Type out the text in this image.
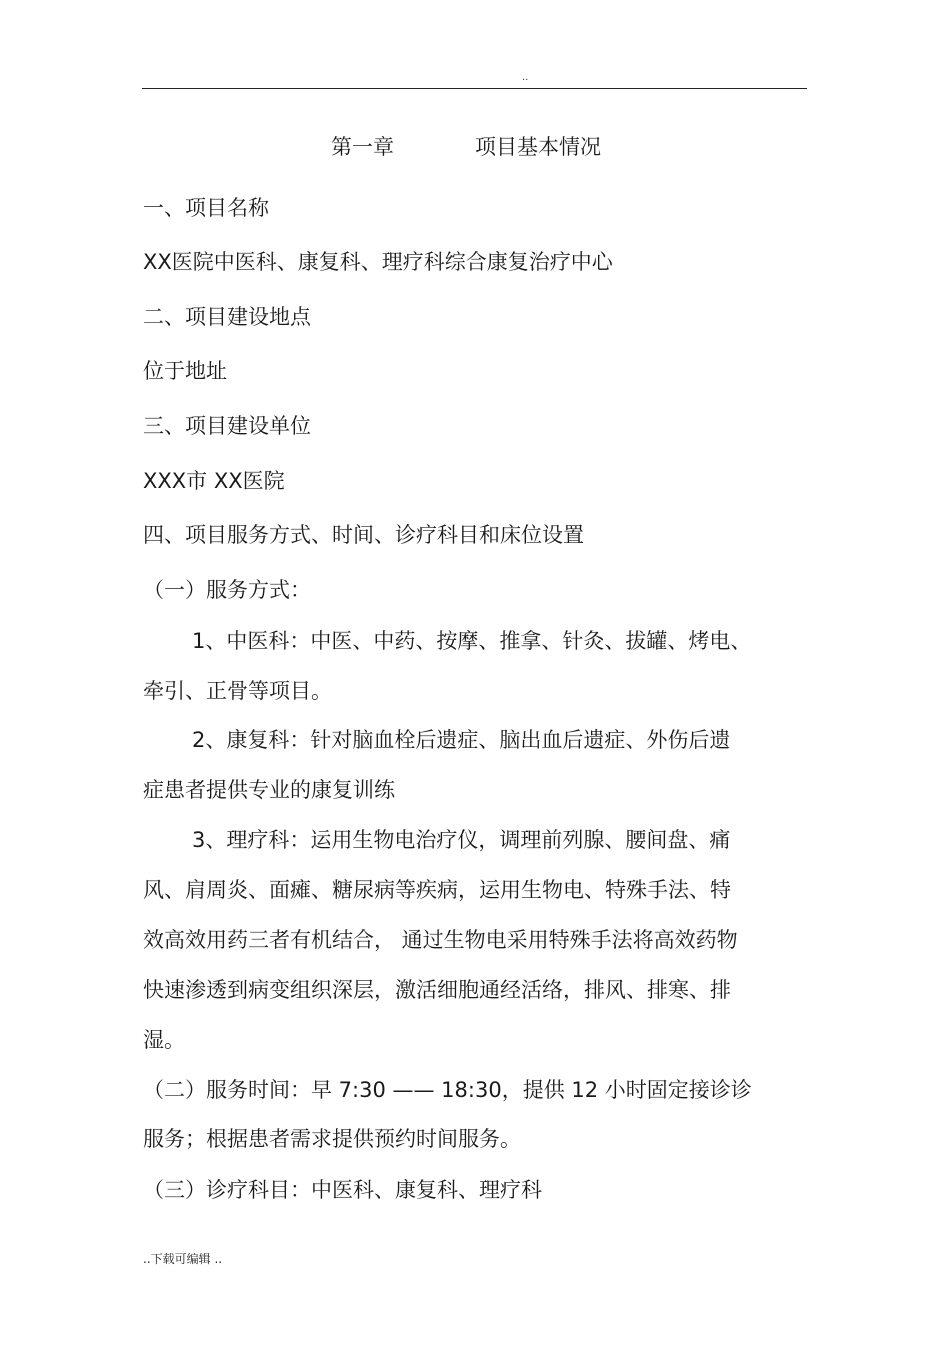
..
第一章	项目基本情况
一、项目名称
XX医院中医科、康复科、理疗科综合康复治疗中心
二、项目建设地点
位于地址
三、项目建设单位
XXX市 XX医院
四、项目服务方式、时间、诊疗科目和床位设置
（一）服务方式：
1、中医科：中医、中药、按摩、推拿、针灸、拔罐、烤电、
牵引、正骨等项目。
2、康复科：针对脑血栓后遗症、脑出血后遗症、外伤后遗
症患者提供专业的康复训练
3、理疗科：运用生物电治疗仪，调理前列腺、腰间盘、痛
风、肩周炎、面瘫、糖尿病等疾病，运用生物电、特殊手法、特
效高效用药三者有机结合， 通过生物电采用特殊手法将高效药物
快速渗透到病变组织深层，激活细胞通经活络，排风、排寒、排
湿。
（二）服务时间：早 7:30 —— 18:30，提供 12 小时固定接诊诊
服务；根据患者需求提供预约时间服务。
（三）诊疗科目：中医科、康复科、理疗科
..下载可编辑 ..
